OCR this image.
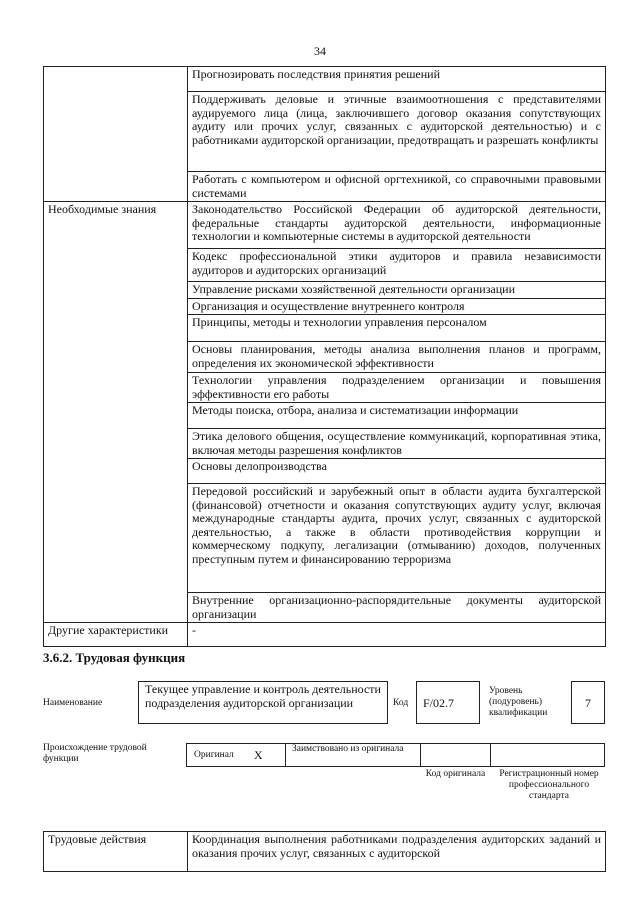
34
	Прогнозировать последствия принятия решений
	Поддерживать деловые и этичные взаимоотношения с представителями аудируемого лица (лица, заключившего договор оказания сопутствующих аудиту или прочих услуг, связанных с аудиторской деятельностью) и с работниками аудиторской организации, предотвращать и разрешать конфликты
	Работать с компьютером и офисной оргтехникой, со справочными правовыми системами
Необходимые знания	Законодательство Российской Федерации об аудиторской деятельности, федеральные стандарты аудиторской деятельности, информационные технологии и компьютерные системы в аудиторской деятельности
	Кодекс профессиональной этики аудиторов и правила независимости аудиторов и аудиторских организаций
	Управление рисками хозяйственной деятельности организации
	Организация и осуществление внутреннего контроля
	Принципы, методы и технологии управления персоналом
	Основы планирования, методы анализа выполнения планов и программ, определения их экономической эффективности
	Технологии управления подразделением организации и повышения эффективности его работы
	Методы поиска, отбора, анализа и систематизации информации
	Этика делового общения, осуществление коммуникаций, корпоративная этика, включая методы разрешения конфликтов
	Основы делопроизводства
	Передовой российский и зарубежный опыт в области аудита бухгалтерской (финансовой) отчетности и оказания сопутствующих аудиту услуг, включая международные стандарты аудита, прочих услуг, связанных с аудиторской деятельностью, а также в области противодействия коррупции и коммерческому подкупу, легализации (отмыванию) доходов, полученных преступным путем и финансированию терроризма
	Внутренние организационно-распорядительные документы аудиторской организации
Другие характеристики	-
3.6.2. Трудовая функция
Наименование
Текущее управление и контроль деятельности подразделения аудиторской организации	Код F/02.7
Уровень (подуровень) квалификации
7
Происхождение трудовой функции	Оригинал X	Заимствовано из оригинала
Код оригинала	Регистрационный номер профессионального стандарта
Трудовые действия	Координация выполнения работниками подразделения аудиторских заданий и оказания прочих услуг, связанных с аудиторской
